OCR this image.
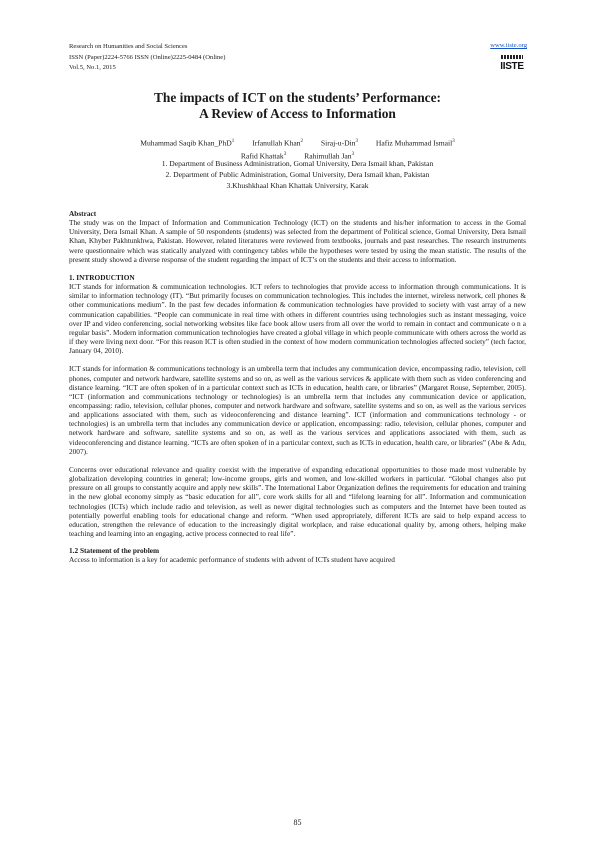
Research on Humanities and Social Sciences
ISSN (Paper)2224-5766 ISSN (Online)2225-0484 (Online)
Vol.5, No.1, 2015
www.iiste.org
IISTE
The impacts of ICT on the students’ Performance:
A Review of Access to Information
Muhammad Saqib Khan_PhD$^1$ Irfanullah Khan$^2$ Siraj-u-Din$^3$ Hafiz Muhammad Ismail$^3$
Rafid Khattak$^3$ Rahimullah Jan$^3$
1. Department of Business Administration, Gomal University, Dera Ismail khan, Pakistan
2. Department of Public Administration, Gomal University, Dera Ismail khan, Pakistan
3.Khushkhaal Khan Khattak University, Karak

Abstract

The study was on the Impact of Information and Communication Technology (ICT) on the students and his/her information to access in the Gomal University, Dera Ismail Khan. A sample of 50 respondents (students) was selected from the department of Political science, Gomal University, Dera Ismail Khan, Khyber Pakhtunkhwa, Pakistan. However, related literatures were reviewed from textbooks, journals and past researches. The research instruments were questionnaire which was statically analyzed with contingency tables while the hypotheses were tested by using the mean statistic. The results of the present study showed a diverse response of the student regarding the impact of ICT’s on the students and their access to information.

1. INTRODUCTION

ICT stands for information & communication technologies. ICT refers to technologies that provide access to information through communications. It is similar to information technology (IT). “But primarily focuses on communication technologies. This includes the internet, wireless network, cell phones & other communications medium”. In the past few decades information & communication technologies have provided to society with vast array of a new communication capabilities. “People can communicate in real time with others in different countries using technologies such as instant messaging, voice over IP and video conferencing, social networking websites like face book allow users from all over the world to remain in contact and communicate o n a regular basis”. Modern information communication technologies have created a global village in which people communicate with others across the world as if they were living next door. “For this reason ICT is often studied in the context of how modern communication technologies affected society” (tech factor, January 04, 2010).

ICT stands for information & communications technology is an umbrella term that includes any communication device, encompassing radio, television, cell phones, computer and network hardware, satellite systems and so on, as well as the various services & applicate with them such as video conferencing and distance learning. “ICT are often spoken of in a particular context such as ICTs in education, health care, or libraries” (Margaret Rouse, September, 2005). “ICT (information and communications technology or technologies) is an umbrella term that includes any communication device or application, encompassing: radio, television, cellular phones, computer and network hardware and software, satellite systems and so on, as well as the various services and applications associated with them, such as videoconferencing and distance learning”. ICT (information and communications technology - or technologies) is an umbrella term that includes any communication device or application, encompassing: radio, television, cellular phones, computer and network hardware and software, satellite systems and so on, as well as the various services and applications associated with them, such as videoconferencing and distance learning. “ICTs are often spoken of in a particular context, such as ICTs in education, health care, or libraries” (Abe & Adu, 2007).

Concerns over educational relevance and quality coexist with the imperative of expanding educational opportunities to those made most vulnerable by globalization developing countries in general; low-income groups, girls and women, and low-skilled workers in particular. “Global changes also put pressure on all groups to constantly acquire and apply new skills”. The International Labor Organization defines the requirements for education and training in the new global economy simply as “basic education for all”, core work skills for all and “lifelong learning for all”. Information and communication technologies (ICTs) which include radio and television, as well as newer digital technologies such as computers and the Internet have been touted as potentially powerful enabling tools for educational change and reform. “When used appropriately, different ICTs are said to help expand access to education, strengthen the relevance of education to the increasingly digital workplace, and raise educational quality by, among others, helping make teaching and learning into an engaging, active process connected to real life”.

1.2 Statement of the problem

Access to information is a key for academic performance of students with advent of ICTs student have acquired

85
